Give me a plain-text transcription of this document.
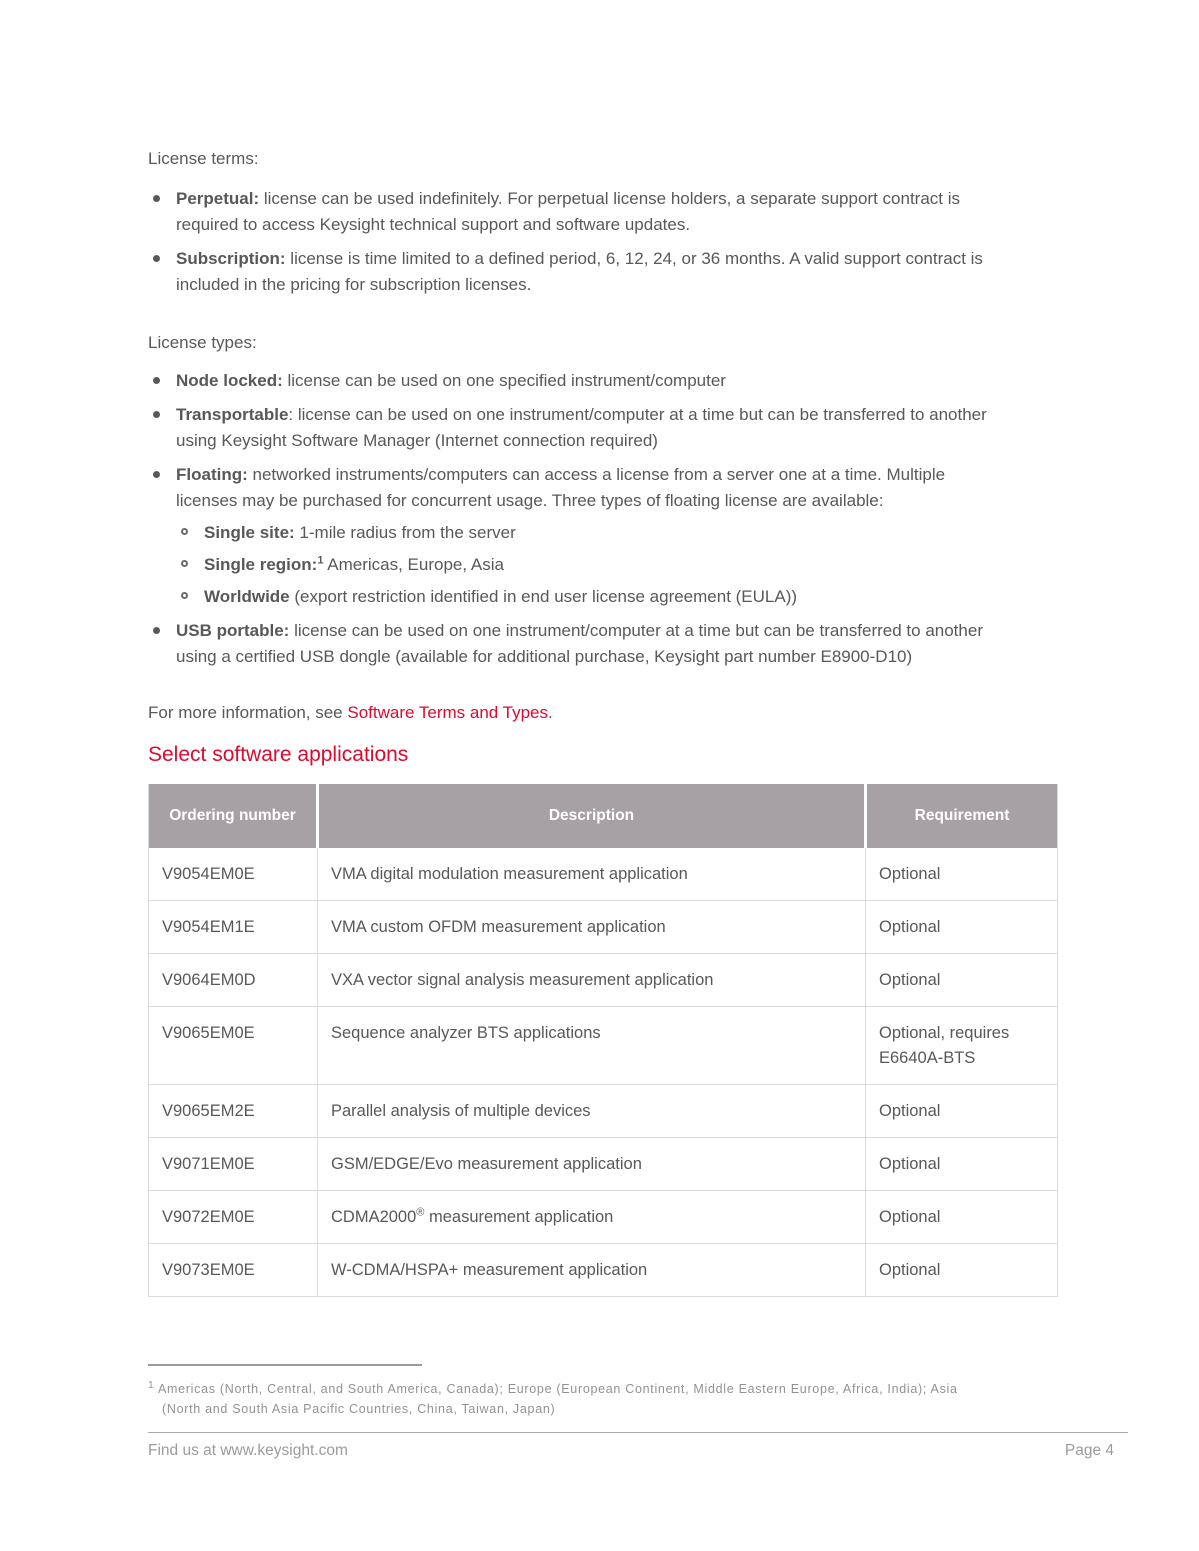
License terms:

Perpetual: license can be used indefinitely. For perpetual license holders, a separate support contract is required to access Keysight technical support and software updates.
Subscription: license is time limited to a defined period, 6, 12, 24, or 36 months. A valid support contract is included in the pricing for subscription licenses.

License types:

Node locked: license can be used on one specified instrument/computer
Transportable: license can be used on one instrument/computer at a time but can be transferred to another using Keysight Software Manager (Internet connection required)
Floating: networked instruments/computers can access a license from a server one at a time. Multiple licenses may be purchased for concurrent usage. Three types of floating license are available:
Single site: 1-mile radius from the server
Single region:$^1$ Americas, Europe, Asia
Worldwide (export restriction identified in end user license agreement (EULA))
USB portable: license can be used on one instrument/computer at a time but can be transferred to another using a certified USB dongle (available for additional purchase, Keysight part number E8900-D10)

For more information, see Software Terms and Types.

Select software applications
Ordering number	Description	Requirement
V9054EM0E	VMA digital modulation measurement application	Optional
V9054EM1E	VMA custom OFDM measurement application	Optional
V9064EM0D	VXA vector signal analysis measurement application	Optional
V9065EM0E	Sequence analyzer BTS applications	Optional, requires E6640A-BTS
V9065EM2E	Parallel analysis of multiple devices	Optional
V9071EM0E	GSM/EDGE/Evo measurement application	Optional
V9072EM0E	CDMA2000® measurement application	Optional
V9073EM0E	W-CDMA/HSPA+ measurement application	Optional

$^1$ Americas (North, Central, and South America, Canada); Europe (European Continent, Middle Eastern Europe, Africa, India); Asia (North and South Asia Pacific Countries, China, Taiwan, Japan)

Find us at www.keysight.com	Page 4
